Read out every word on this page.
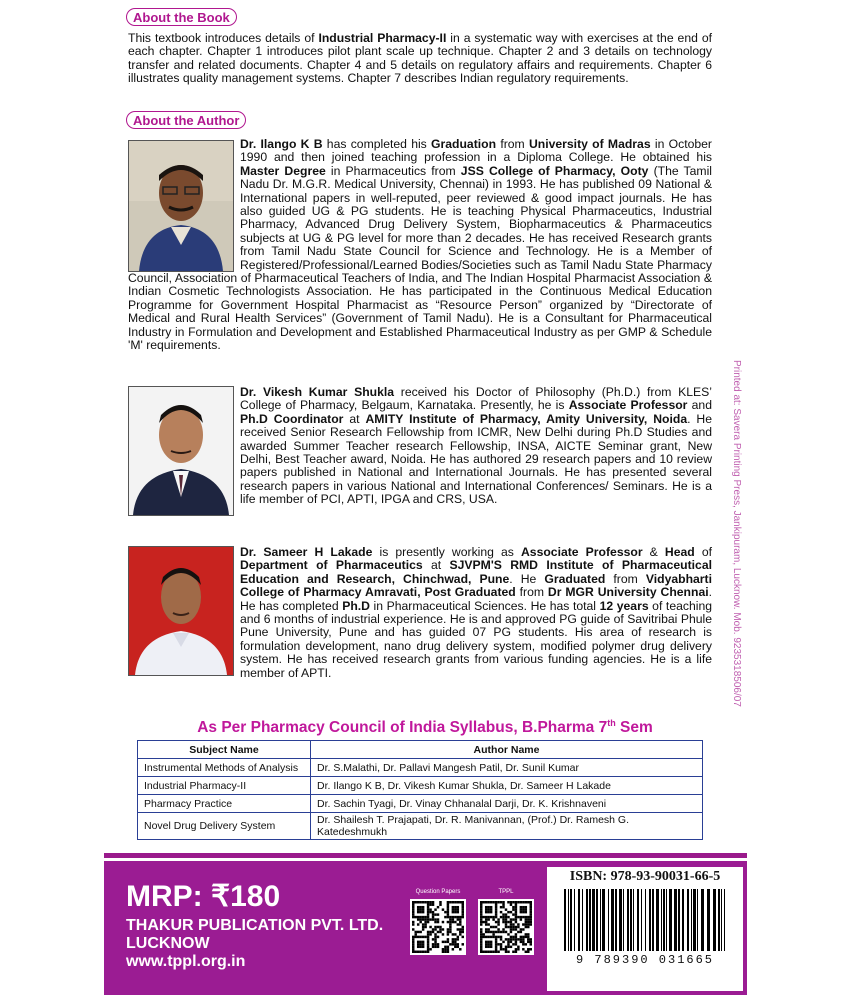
About the Book
This textbook introduces details of Industrial Pharmacy-II in a systematic way with exercises at the end of each chapter. Chapter 1 introduces pilot plant scale up technique. Chapter 2 and 3 details on technology transfer and related documents. Chapter 4 and 5 details on regulatory affairs and requirements. Chapter 6 illustrates quality management systems. Chapter 7 describes Indian regulatory requirements.
About the Author
Dr. Ilango K B has completed his Graduation from University of Madras in October 1990 and then joined teaching profession in a Diploma College. He obtained his Master Degree in Pharmaceutics from JSS College of Pharmacy, Ooty (The Tamil Nadu Dr. M.G.R. Medical University, Chennai) in 1993. He has published 09 National & International papers in well-reputed, peer reviewed & good impact journals. He has also guided UG & PG students. He is teaching Physical Pharmaceutics, Industrial Pharmacy, Advanced Drug Delivery System, Biopharmaceutics & Pharmaceutics subjects at UG & PG level for more than 2 decades. He has received Research grants from Tamil Nadu State Council for Science and Technology. He is a Member of Registered/Professional/Learned Bodies/Societies such as Tamil Nadu State Pharmacy Council, Association of Pharmaceutical Teachers of India, and The Indian Hospital Pharmacist Association & Indian Cosmetic Technologists Association. He has participated in the Continuous Medical Education Programme for Government Hospital Pharmacist as “Resource Person” organized by “Directorate of Medical and Rural Health Services” (Government of Tamil Nadu). He is a Consultant for Pharmaceutical Industry in Formulation and Development and Established Pharmaceutical Industry as per GMP & Schedule 'M' requirements.
Dr. Vikesh Kumar Shukla received his Doctor of Philosophy (Ph.D.) from KLES’ College of Pharmacy, Belgaum, Karnataka. Presently, he is Associate Professor and Ph.D Coordinator at AMITY Institute of Pharmacy, Amity University, Noida. He received Senior Research Fellowship from ICMR, New Delhi during Ph.D Studies and awarded Summer Teacher research Fellowship, INSA, AICTE Seminar grant, New Delhi, Best Teacher award, Noida. He has authored 29 research papers and 10 review papers published in National and International Journals. He has presented several research papers in various National and International Conferences/ Seminars. He is a life member of PCI, APTI, IPGA and CRS, USA.
Dr. Sameer H Lakade is presently working as Associate Professor & Head of Department of Pharmaceutics at SJVPM'S RMD Institute of Pharmaceutical Education and Research, Chinchwad, Pune. He Graduated from Vidyabharti College of Pharmacy Amravati, Post Graduated from Dr MGR University Chennai. He has completed Ph.D in Pharmaceutical Sciences. He has total 12 years of teaching and 6 months of industrial experience. He is and approved PG guide of Savitribai Phule Pune University, Pune and has guided 07 PG students. His area of research is formulation development, nano drug delivery system, modified polymer drug delivery system. He has received research grants from various funding agencies. He is a life member of APTI.	Printed at: Savera Printing Press, Jankipuram, Lucknow. Mob. 9235318506/07
As Per Pharmacy Council of India Syllabus, B.Pharma 7th Sem
Subject Name	Author Name
Instrumental Methods of Analysis	Dr. S.Malathi, Dr. Pallavi Mangesh Patil, Dr. Sunil Kumar
Industrial Pharmacy-II	Dr. Ilango K B, Dr. Vikesh Kumar Shukla, Dr. Sameer H Lakade
Pharmacy Practice	Dr. Sachin Tyagi, Dr. Vinay Chhanalal Darji, Dr. K. Krishnaveni
Novel Drug Delivery System	Dr. Shailesh T. Prajapati, Dr. R. Manivannan, (Prof.) Dr. Ramesh G. Katedeshmukh
MRP: ₹180
THAKUR PUBLICATION PVT. LTD.
LUCKNOW
www.tppl.org.in
Question Papers	TPPL
ISBN: 978-93-90031-66-5
9 789390 031665
